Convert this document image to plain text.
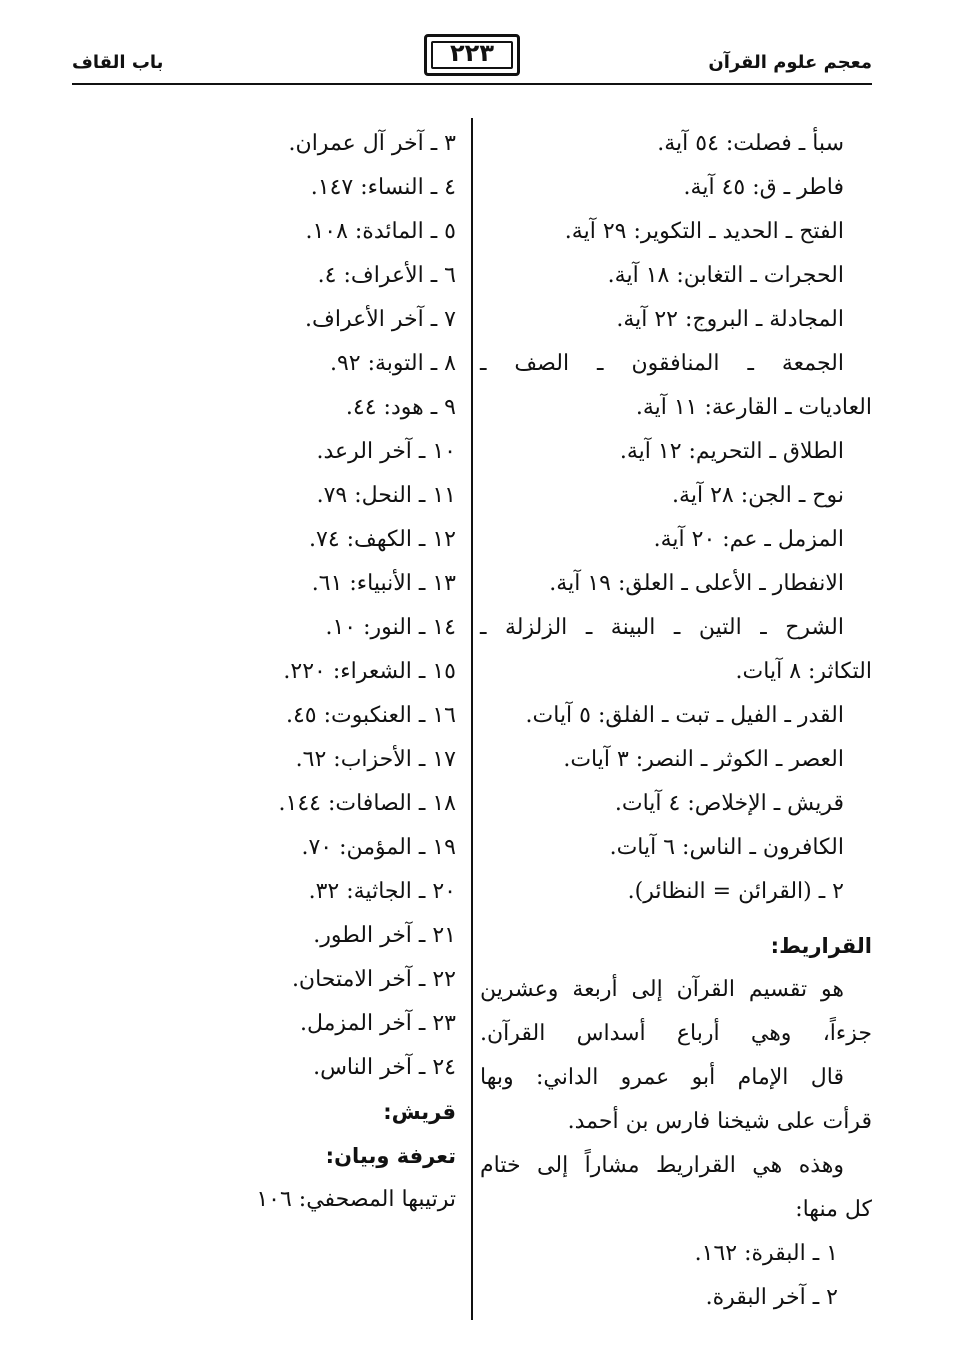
معجم علوم القرآن
٢٢٣
باب القاف
سبأ ـ فصلت: ٥٤ آية.
فاطر ـ ق: ٤٥ آية.
الفتح ـ الحديد ـ التكوير: ٢٩ آية.
الحجرات ـ التغابن: ١٨ آية.
المجادلة ـ البروج: ٢٢ آية.
الجمعة ـ المنافقون ـ الصف ـ
العاديات ـ القارعة: ١١ آية.
الطلاق ـ التحريم: ١٢ آية.
نوح ـ الجن: ٢٨ آية.
المزمل ـ عم: ٢٠ آية.
الانفطار ـ الأعلى ـ العلق: ١٩ آية.
الشرح ـ التين ـ البينة ـ الزلزلة ـ
التكاثر: ٨ آيات.
القدر ـ الفيل ـ تبت ـ الفلق: ٥ آيات.
العصر ـ الكوثر ـ النصر: ٣ آيات.
قريش ـ الإخلاص: ٤ آيات.
الكافرون ـ الناس: ٦ آيات.
٢ ـ (القرائن = النظائر).
القراريط:
هو تقسيم القرآن إلى أربعة وعشرين
جزءاً، وهي أرباع أسداس القرآن.
قال الإمام أبو عمرو الداني: وبها
قرأت على شيخنا فارس بن أحمد.
وهذه هي القراريط مشاراً إلى ختام
كل منها:
١ ـ البقرة: ١٦٢.
٢ ـ آخر البقرة.
٣ ـ آخر آل عمران.
٤ ـ النساء: ١٤٧.
٥ ـ المائدة: ١٠٨.
٦ ـ الأعراف: ٤.
٧ ـ آخر الأعراف.
٨ ـ التوبة: ٩٢.
٩ ـ هود: ٤٤.
١٠ ـ آخر الرعد.
١١ ـ النحل: ٧٩.
١٢ ـ الكهف: ٧٤.
١٣ ـ الأنبياء: ٦١.
١٤ ـ النور: ١٠.
١٥ ـ الشعراء: ٢٢٠.
١٦ ـ العنكبوت: ٤٥.
١٧ ـ الأحزاب: ٦٢.
١٨ ـ الصافات: ١٤٤.
١٩ ـ المؤمن: ٧٠.
٢٠ ـ الجاثية: ٣٢.
٢١ ـ آخر الطور.
٢٢ ـ آخر الامتحان.
٢٣ ـ آخر المزمل.
٢٤ ـ آخر الناس.
قريش:
تعرفة وبيان:
ترتيبها المصحفي: ١٠٦
